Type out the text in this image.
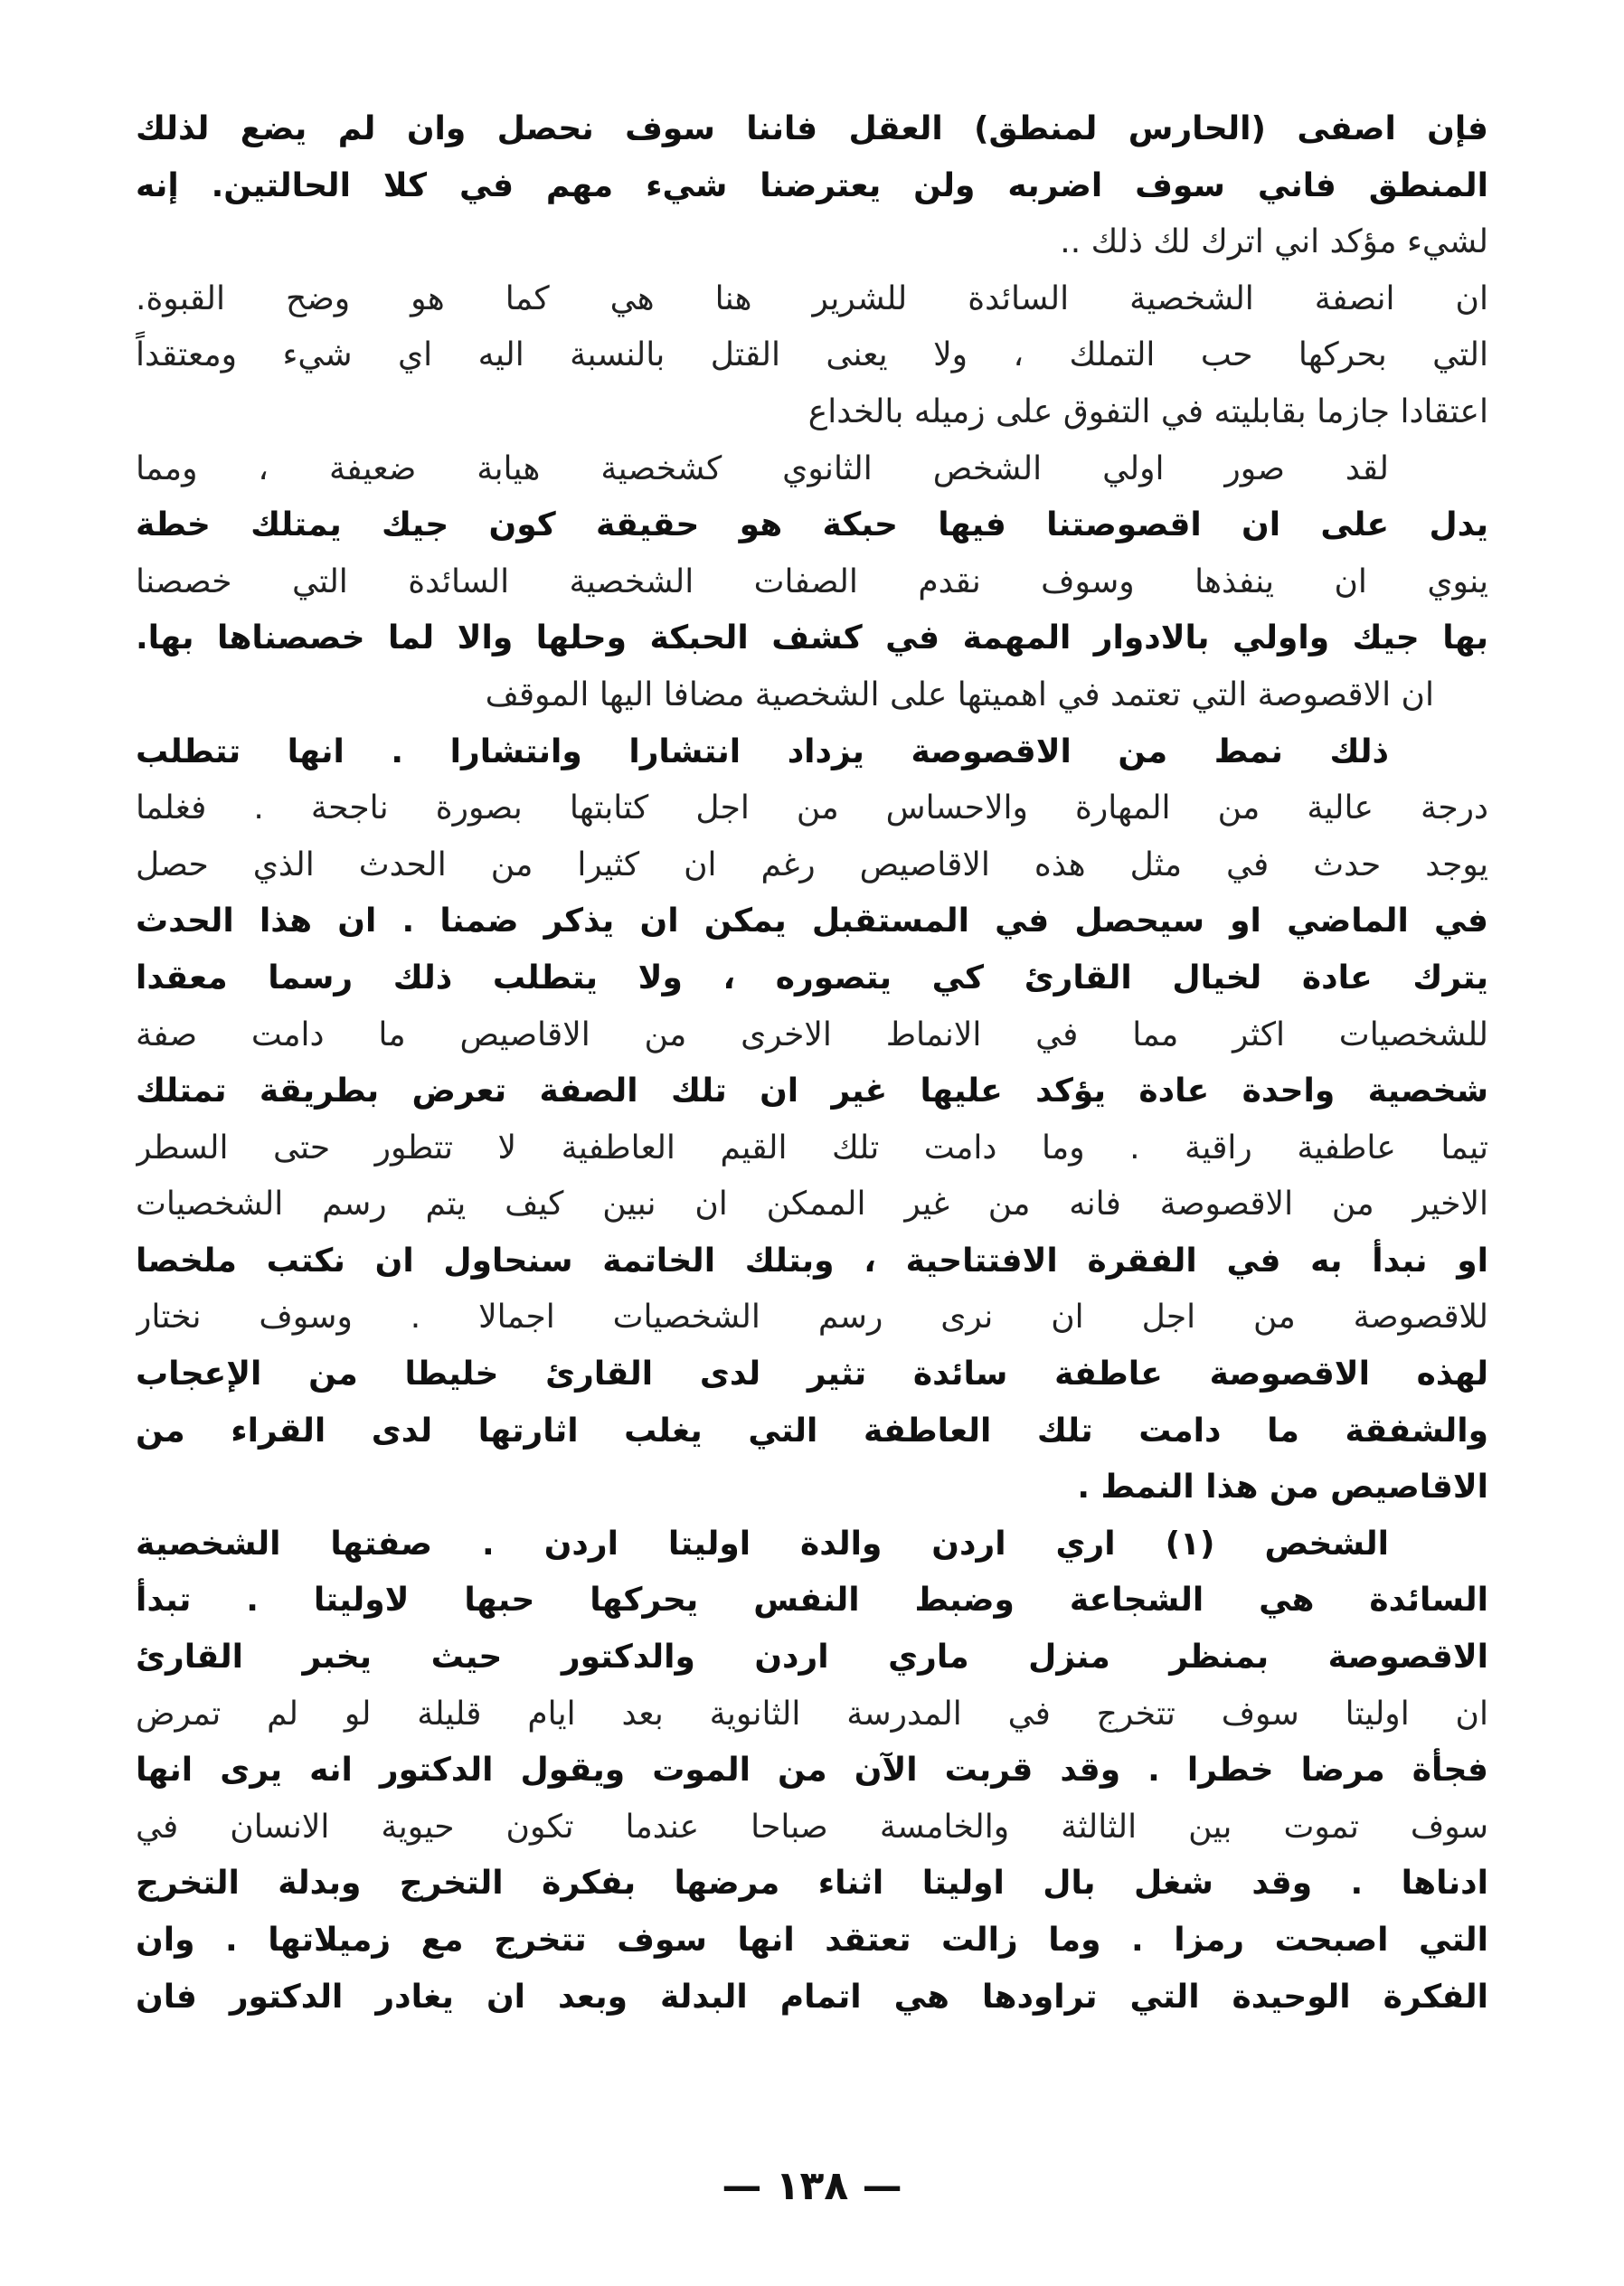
فإن اصفى (الحارس لمنطق) العقل فاننا سوف نحصل وان لم يضع لذلك
المنطق فاني سوف اضربه ولن يعترضنا شيء مهم في كلا الحالتين. إنه
لشيء مؤكد اني اترك لك ذلك ..
ان انصفة الشخصية السائدة للشرير هنا هي كما هو وضح القبوة.
التي بحركها حب التملك ، ولا يعنى القتل بالنسبة اليه اي شيء ومعتقداً
اعتقادا جازما بقابليته في التفوق على زميله بالخداع
لقد صور اولي الشخص الثانوي كشخصية هيابة ضعيفة ، ومما
يدل على ان اقصوصتنا فيها حبكة هو حقيقة كون جيك يمتلك خطة
ينوي ان ينفذها وسوف نقدم الصفات الشخصية السائدة التي خصصنا
بها جيك واولي بالادوار المهمة في كشف الحبكة وحلها والا لما خصصناها بها.
ان الاقصوصة التي تعتمد في اهميتها على الشخصية مضافا اليها الموقف
ذلك نمط من الاقصوصة يزداد انتشارا وانتشارا . انها تتطلب
درجة عالية من المهارة والاحساس من اجل كتابتها بصورة ناجحة . فغلما
يوجد حدث في مثل هذه الاقاصيص رغم ان كثيرا من الحدث الذي حصل
في الماضي او سيحصل في المستقبل يمكن ان يذكر ضمنا . ان هذا الحدث
يترك عادة لخيال القارئ كي يتصوره ، ولا يتطلب ذلك رسما معقدا
للشخصيات اكثر مما في الانماط الاخرى من الاقاصيص ما دامت صفة
شخصية واحدة عادة يؤكد عليها غير ان تلك الصفة تعرض بطريقة تمتلك
تيما عاطفية راقية . وما دامت تلك القيم العاطفية لا تتطور حتى السطر
الاخير من الاقصوصة فانه من غير الممكن ان نبين كيف يتم رسم الشخصيات
او نبدأ به في الفقرة الافتتاحية ، وبتلك الخاتمة سنحاول ان نكتب ملخصا
للاقصوصة من اجل ان نرى رسم الشخصيات اجمالا . وسوف نختار
لهذه الاقصوصة عاطفة سائدة تثير لدى القارئ خليطا من الإعجاب
والشفقة ما دامت تلك العاطفة التي يغلب اثارتها لدى القراء من
الاقاصيص من هذا النمط .
الشخص (١) اري اردن والدة اوليتا اردن . صفتها الشخصية
السائدة هي الشجاعة وضبط النفس يحركها حبها لاوليتا . تبدأ
الاقصوصة بمنظر منزل ماري اردن والدكتور حيث يخبر القارئ
ان اوليتا سوف تتخرج في المدرسة الثانوية بعد ايام قليلة لو لم تمرض
فجأة مرضا خطرا . وقد قربت الآن من الموت ويقول الدكتور انه يرى انها
سوف تموت بين الثالثة والخامسة صباحا عندما تكون حيوية الانسان في
ادناها . وقد شغل بال اوليتا اثناء مرضها بفكرة التخرج وبدلة التخرج
التي اصبحت رمزا . وما زالت تعتقد انها سوف تتخرج مع زميلاتها . وان
الفكرة الوحيدة التي تراودها هي اتمام البدلة وبعد ان يغادر الدكتور فان
— ١٣٨ —
